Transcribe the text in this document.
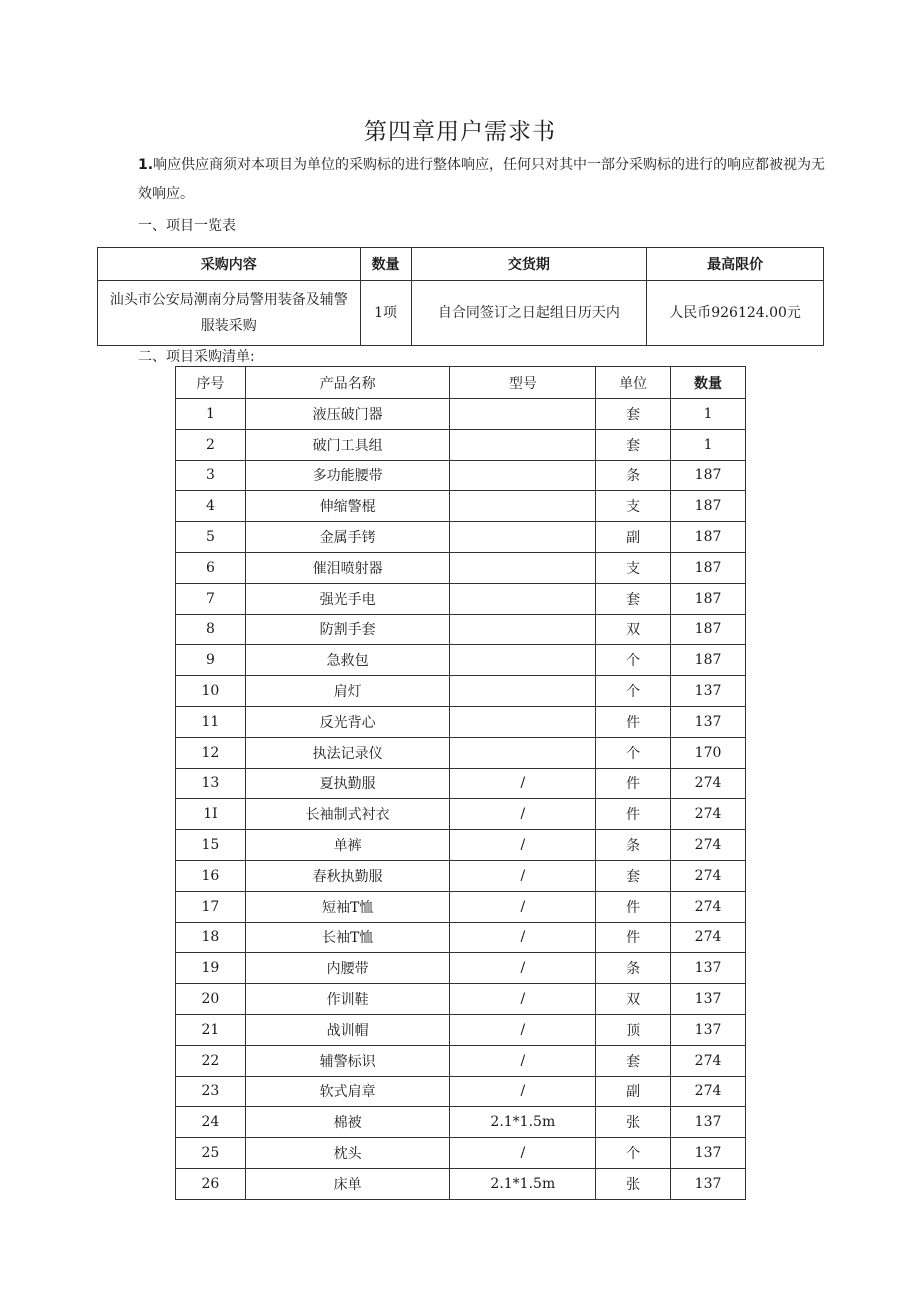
第四章用户需求书
1.响应供应商须对本项目为单位的采购标的进行整体响应，任何只对其中一部分采购标的进行的响应都被视为无效响应。
一、项目一览表
采购内容	数量	交货期	最高限价
汕头市公安局潮南分局警用装备及辅警服装采购	1项	自合同签订之日起组日历天内	人民币926124.00元
二、项目采购清单:
序号	产品名称	型号	单位	数量
1	液压破门器		套	1
2	破门工具组		套	1
3	多功能腰带		条	187
4	伸缩警棍		支	187
5	金属手铐		副	187
6	催泪喷射器		支	187
7	强光手电		套	187
8	防割手套		双	187
9	急救包		个	187
10	肩灯		个	137
11	反光背心		件	137
12	执法记录仪		个	170
13	夏执勤服	/	件	274
1I	长袖制式衬衣	/	件	274
15	单裤	/	条	274
16	春秋执勤服	/	套	274
17	短袖T恤	/	件	274
18	长袖T恤	/	件	274
19	内腰带	/	条	137
20	作训鞋	/	双	137
21	战训帽	/	顶	137
22	辅警标识	/	套	274
23	软式肩章	/	副	274
24	棉被	2.1*1.5m	张	137
25	枕头	/	个	137
26	床单	2.1*1.5m	张	137
